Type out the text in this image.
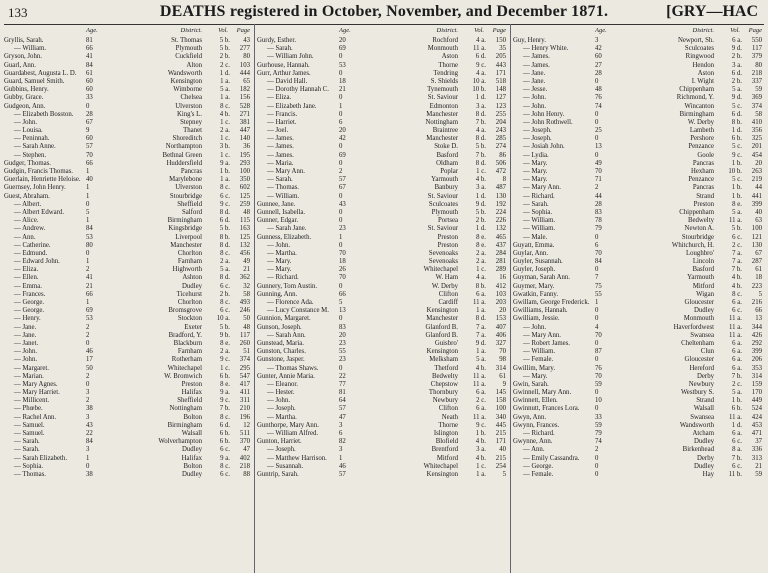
133	DEATHS registered in October, November, and December 1871.	[GRY—HAC
Age.	District. Vol. Page
Gryllis, Sarah.	81	St. Thomas	5 b.	43
— William.	66	Plymouth	5 b.	277
Gryson, John.	41	Cuckfield	2 b.	80
Guarl, Ann.	84	Alton	2 c.	103
Guardabest, Augusta L. D. 61	Wandsworth	1 d.	444
Guard, Samuel Smith.	60	Kensington	1 a.	65
Gubbins, Henry.	60	Wimborne	5 a.	182
Gubby, Grace.	33	Chelsea	1 a.	156
Gudgeon, Ann.	0	Ulverston	8 c.	528
— Elizabeth Bosston. 28	King's L.	4 b.	271
— John.	67	Stepney	1 c.	381
— Louisa.	9	Thanet	2 a.	447
— Peninnah.	60	Shoreditch	1 c.	140
— Sarah Anne.	57	Northampton	3 b.	36
— Stephen.	70	Bethnal Green	1 c.	195
Gudger, Thomas.	66	Huddersfield	9 a.	293
Gudgin, Francis Thomas. 1	Pancras	1 b.	100
Guerlain, Henriette Heloise. 40	Marylebone	1 a.	350
Guernsey, John Henry.	1	Ulverston	8 c.	602
Guest, Abraham.	1	Stourbridge	6 c.	125
— Albert.	0	Sheffield	9 c.	259
— Albert Edward.	5	Salford	8 d.	48
— Alice.	1	Birmingham	6 d.	115
— Andrew.	84	Kingsbridge	5 b.	163
— Ann.	53	Liverpool	8 b.	125
— Catherine.	80	Manchester	8 d.	132
— Edmund.	0	Chorlton	8 c.	456
— Edward John.	1	Farnham	2 a.	49
— Eliza.	2	Highworth	5 a.	21
— Ellen.	41	Ashton	8 d.	362
— Emma.	21	Dudley	6 c.	32
— Frances.	66	Ticehurst	2 b.	58
— George.	1	Chorlton	8 c.	493
— George.	69	Bromsgrove	6 c.	246
— Henry.	53	Stockton	10 a.	50
— Jane.	2	Exeter	5 b.	48
— Jane.	2	Bradford, Y.	9 b.	117
— Janet.	0	Blackburn	8 e.	260
— John.	46	Farnham	2 a.	51
— John.	17	Rotherham	9 c.	374
— Margaret.	50	Whitechapel	1 c.	295
— Marian.	2	W. Bromwich	6 b.	547
— Mary Agnes.	0	Preston	8 e.	417
— Mary Harriet.	3	Halifax	9 a.	411
— Millicent.	2	Sheffield	9 c.	311
— Phœbe.	38	Nottingham	7 b.	210
— Rachel Ann.	3	Bolton	8 c.	196
— Samuel.	43	Birmingham	6 d.	12
— Samuel.	22	Walsall	6 b.	511
— Sarah.	84	Wolverhampton	6 b.	370
— Sarah.	3	Dudley	6 c.	47
— Sarah Elizabeth.	1	Halifax	9 a.	402
— Sophia.	0	Bolton	8 c.	218
— Thomas.	38	Dudley	6 c.	88
Age.	District. Vol. Page
Gurdy, Esther.	20	Rochford	4 a.	150
— Sarah.	69	Monmouth	11 a.	35
— William John.	0	Aston	6 d.	205
Gurhouse, Hannah.	53	Thorne	9 c.	443
Gurr, Arthur James.	0	Tendring	4 a.	171
— David Hall.	18	S. Shields	10 a.	518
— Dorothy Hannah C. 21	Tynemouth	10 b.	148
— Eliza.	0	St. Saviour	1 d.	127
— Elizabeth Jane.	1	Edmonton	3 a.	123
— Francis.	0	Manchester	8 d.	255
— Harriet.	6	Nottingham	7 b.	204
— Joel.	20	Braintree	4 a.	243
— James.	42	Manchester	8 d.	285
— James.	0	Stoke D.	5 b.	274
— James.	69	Basford	7 b.	86
— Maria.	0	Oldham	8 d.	506
— Mary Ann.	2	Poplar	1 c.	472
— Sarah.	57	Yarmouth	4 b.	8
— Thomas.	67	Banbury	3 a.	487
— William.	0	St. Saviour	1 d.	130
Gunnee, Jane.	43	Sculcoates	9 d.	192
Gunnell, Isabella.	0	Plymouth	5 b.	224
Gunner, Edgar.	0	Portsea	2 b.	226
— Sarah Jane.	23	St. Saviour	1 d.	132
Gunness, Elizabeth.	1	Preston	8 e.	465
— John.	0	Preston	8 e.	437
— Martha.	70	Sevenoaks	2 a.	284
— Mary.	18	Sevenoaks	2 a.	281
— Mary.	26	Whitechapel	1 c.	289
— Richard.	70	W. Ham	4 a.	16
Gunnery, Tom Austin.	0	W. Derby	8 b.	412
Gunning, Ann.	66	Clifton	6 a.	103
— Florence Ada.	5	Cardiff	11 a.	203
— Lucy Constance M. 13	Kensington	1 a.	20
Gunnion, Margaret.	0	Manchester	8 d.	153
Gunson, Joseph.	83	Glanford B.	7 a.	407
— Sarah Ann.	20	Glanford B.	7 a.	406
Gunstead, Maria.	23	Guisbro'	9 d.	327
Gunston, Charles.	55	Kensington	1 a.	70
Gunstone, Jasper.	23	Melksham	5 a.	98
— Thomas Shaws.	0	Thetford	4 b.	314
Gunter, Annie Maria.	22	Bedwelty	11 a.	61
— Eleanor.	77	Chepstow	11 a.	9
— Hester.	81	Thornbury	6 a.	145
— John.	64	Newbury	2 c.	158
— Joseph.	57	Clifton	6 a.	100
— Martha.	47	Neath	11 a.	340
Gunthorpe, Mary Ann.	3	Thorne	9 c.	445
— William Alfred.	6	Islington	1 b.	215
Gunton, Harriet.	82	Blofield	4 b.	171
— Joseph.	3	Brentford	3 a.	40
— Matthew Harrison. 1	Mitford	4 b.	215
— Susannah.	46	Whitechapel	1 c.	254
Guntrip, Sarah.	57	Kensington	1 a.	5
Age.	District. Vol. Page
Guy, Henry.	3	Newport, Sh.	6 a.	550
— Henry White.	42	Sculcoates	9 d.	117
— James.	60	Ringwood	2 b.	379
— James.	27	Hendon	3 a.	80
— Jane.	28	Aston	6 d.	218
— Jane.	0	I. Wight	2 b.	337
— Jesse.	48	Chippenham	5 a.	59
— John.	76	Richmond, Y.	9 d.	369
— John.	74	Wincanton	5 c.	374
— John Henry.	0	Birmingham	6 d.	58
— John Rothwell.	0	W. Derby	8 b.	410
— Joseph.	25	Lambeth	1 d.	356
— Joseph.	0	Pershore	6 b.	325
— Josiah John.	13	Penzance	5 c.	201
— Lydia.	0	Goole	9 c.	454
— Mary.	49	Pancras	1 b.	20
— Mary.	70	Hexham	10 b.	263
— Mary.	71	Penzance	5 c.	219
— Mary Ann.	2	Pancras	1 b.	44
— Richard.	44	Strand	1 b.	441
— Sarah.	28	Preston	8 e.	399
— Sophia.	83	Chippenham	5 a.	40
— William.	78	Bedwelty	11 a.	63
— William.	79	Newton A.	5 b.	100
— Male.	0	Stourbridge	6 c.	121
Guyatt, Emma.	6	Whitchurch, H.	2 c.	130
Guylar, Ann.	70	Loughbro'	7 a.	67
Guyler, Susannah.	84	Lincoln	7 a.	287
Guyler, Joseph.	0	Basford	7 b.	61
Guyman, Sarah Ann.	7	Yarmouth	4 b.	18
Guymer, Mary.	75	Mitford	4 b.	223
Gwatkin, Fanny.	55	Wigan	8 c.	5
Gwillam, George Frederick. 1	Gloucester	6 a.	216
Gwilliams, Hannah.	0	Dudley	6 c.	66
Gwilliam, Jessie.	0	Monmouth	11 a.	13
— John.	4	Haverfordwest	11 a.	344
— Mary Ann.	70	Swansea	11 a.	426
— Robert James.	0	Cheltenham	6 a.	292
— William.	87	Clun	6 a.	399
— Female.	0	Gloucester	6 a.	206
Gwillim, Mary.	76	Hereford	6 a.	353
— Mary.	70	Derby	7 b.	314
Gwin, Sarah.	59	Newbury	2 c.	159
Gwinnell, Mary Ann.	0	Westbury S.	5 a.	170
Gwinnett, Ellen.	10	Strand	1 b.	449
Gwinnutt, Frances Lora. 0	Walsall	6 b.	524
Gwyn, Ann.	33	Swansea	11 a.	424
Gwynn, Frances.	59	Wandsworth	1 d.	453
— Richard.	79	Atcham	6 a.	471
Gwynne, Ann.	74	Dudley	6 c.	37
— Ann.	2	Birkenhead	8 a.	336
— Emily Cassandra. 0	Derby	7 b.	313
— George.	0	Dudley	6 c.	21
— Female.	0	Hay	11 b.	59
